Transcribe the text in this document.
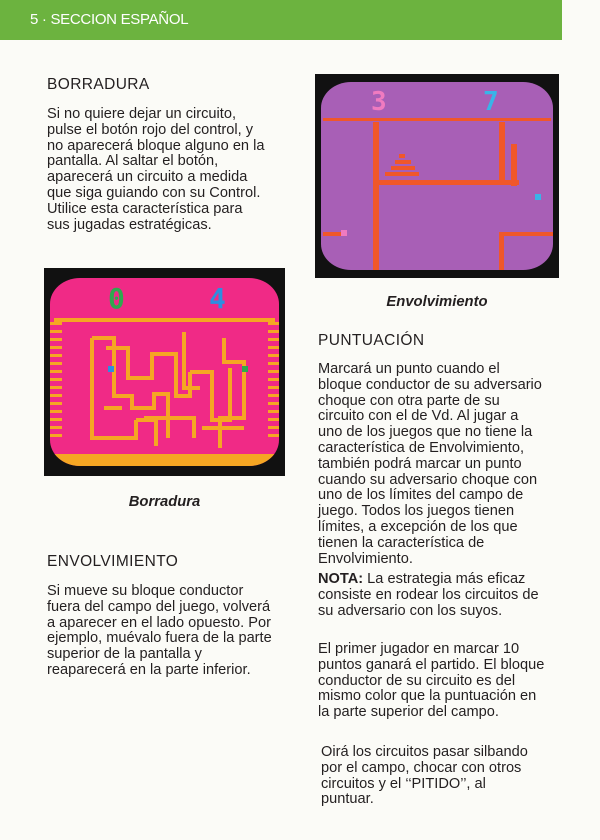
5 · SECCION ESPAÑOL
BORRADURA

Si no quiere dejar un circuito,
pulse el botón rojo del control, y
no aparecerá bloque alguno en la
pantalla. Al saltar el botón,
aparecerá un circuito a medida
que siga guiando con su Control.
Utilice esta característica para
sus jugadas estratégicas.

0	4

Borradura

ENVOLVIMIENTO

Si mueve su bloque conductor
fuera del campo del juego, volverá
a aparecer en el lado opuesto. Por
ejemplo, muévalo fuera de la parte
superior de la pantalla y
reaparecerá en la parte inferior.

3	7

Envolvimiento

PUNTUACIÓN

Marcará un punto cuando el
bloque conductor de su adversario
choque con otra parte de su
circuito con el de Vd. Al jugar a
uno de los juegos que no tiene la
característica de Envolvimiento,
también podrá marcar un punto
cuando su adversario choque con
uno de los límites del campo de
juego. Todos los juegos tienen
límites, a excepción de los que
tienen la característica de
Envolvimiento.

NOTA: La estrategia más eficaz
consiste en rodear los circuitos de
su adversario con los suyos.

El primer jugador en marcar 10
puntos ganará el partido. El bloque
conductor de su circuito es del
mismo color que la puntuación en
la parte superior del campo.

Oirá los circuitos pasar silbando
por el campo, chocar con otros
circuitos y el ‘‘PITIDO’’, al
puntuar.
